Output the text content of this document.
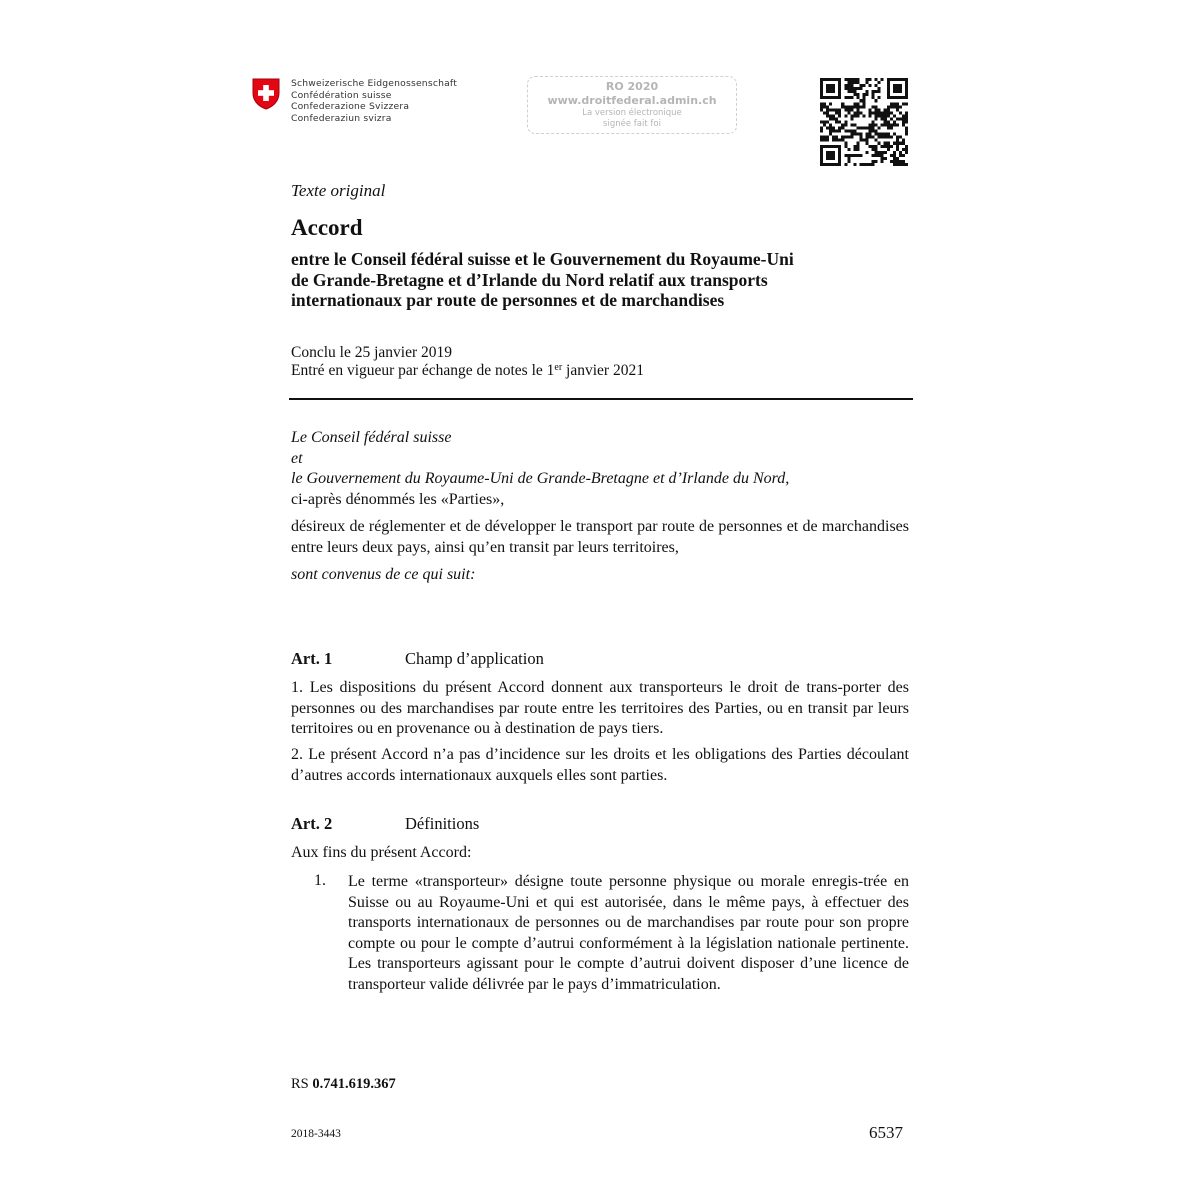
Schweizerische Eidgenossenschaft
Confédération suisse
Confederazione Svizzera
Confederaziun svizra
RO 2020
www.droitfederal.admin.ch
La version électronique
signée fait foi
Texte original
Accord
entre le Conseil fédéral suisse et le Gouvernement du Royaume-Uni
de Grande-Bretagne et d’Irlande du Nord relatif aux transports
internationaux par route de personnes et de marchandises
Conclu le 25 janvier 2019
Entré en vigueur par échange de notes le 1er janvier 2021
Le Conseil fédéral suisse
et
le Gouvernement du Royaume-Uni de Grande-Bretagne et d’Irlande du Nord,
ci-après dénommés les «Parties»,
désireux de réglementer et de développer le transport par route de personnes et de marchandises entre leurs deux pays, ainsi qu’en transit par leurs territoires,
sont convenus de ce qui suit:
Art. 1	Champ d’application
1. Les dispositions du présent Accord donnent aux transporteurs le droit de trans-porter des personnes ou des marchandises par route entre les territoires des Parties, ou en transit par leurs territoires ou en provenance ou à destination de pays tiers.
2. Le présent Accord n’a pas d’incidence sur les droits et les obligations des Parties découlant d’autres accords internationaux auxquels elles sont parties.
Art. 2	Définitions
Aux fins du présent Accord:
1. Le terme «transporteur» désigne toute personne physique ou morale enregis-trée en Suisse ou au Royaume-Uni et qui est autorisée, dans le même pays, à effectuer des transports internationaux de personnes ou de marchandises par route pour son propre compte ou pour le compte d’autrui conformément à la législation nationale pertinente. Les transporteurs agissant pour le compte d’autrui doivent disposer d’une licence de transporteur valide délivrée par le pays d’immatriculation.
RS 0.741.619.367
2018-3443	6537
